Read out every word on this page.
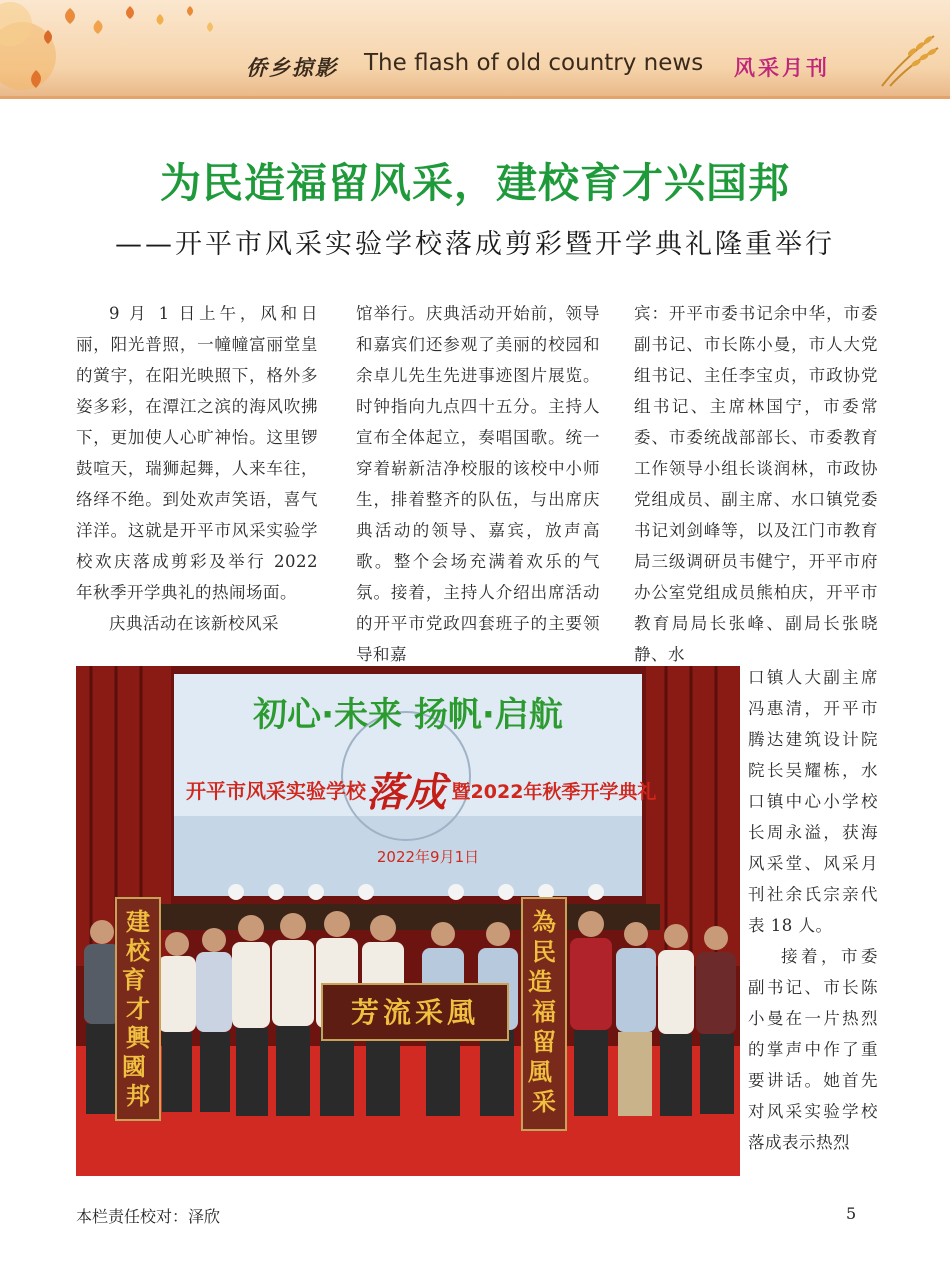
侨乡掠影 The flash of old country news 风采月刊
为民造福留风采，建校育才兴国邦
——开平市风采实验学校落成剪彩暨开学典礼隆重举行

9 月 1 日上午，风和日丽，阳光普照，一幢幢富丽堂皇的黉宇，在阳光映照下，格外多姿多彩，在潭江之滨的海风吹拂下，更加使人心旷神怡。这里锣鼓喧天，瑞狮起舞，人来车往，络绎不绝。到处欢声笑语，喜气洋洋。这就是开平市风采实验学校欢庆落成剪彩及举行 2022 年秋季开学典礼的热闹场面。

庆典活动在该新校风采

馆举行。庆典活动开始前，领导和嘉宾们还参观了美丽的校园和余卓儿先生先进事迹图片展览。时钟指向九点四十五分。主持人宣布全体起立，奏唱国歌。统一穿着崭新洁净校服的该校中小师生，排着整齐的队伍，与出席庆典活动的领导、嘉宾，放声高歌。整个会场充满着欢乐的气氛。接着，主持人介绍出席活动的开平市党政四套班子的主要领导和嘉

宾：开平市委书记余中华，市委副书记、市长陈小曼，市人大党组书记、主任李宝贞，市政协党组书记、主席林国宁，市委常委、市委统战部部长、市委教育工作领导小组长谈润林，市政协党组成员、副主席、水口镇党委书记刘剑峰等，以及江门市教育局三级调研员韦健宁，开平市府办公室党组成员熊柏庆，开平市教育局局长张峰、副局长张晓静、水

口镇人大副主席冯惠清，开平市腾达建筑设计院院长吴耀栋，水口镇中心小学校长周永溢，获海风采堂、风采月刊社余氏宗亲代表 18 人。

接着，市委副书记、市长陈小曼在一片热烈的掌声中作了重要讲话。她首先对风采实验学校落成表示热烈

初心·未来 扬帆·启航
开平市风采实验学校 落成 暨2022年秋季开学典礼
2022年9月1日
建校育 才興國 邦
為民造 福留風 采
芳流采風
本栏责任校对：泽欣	5
